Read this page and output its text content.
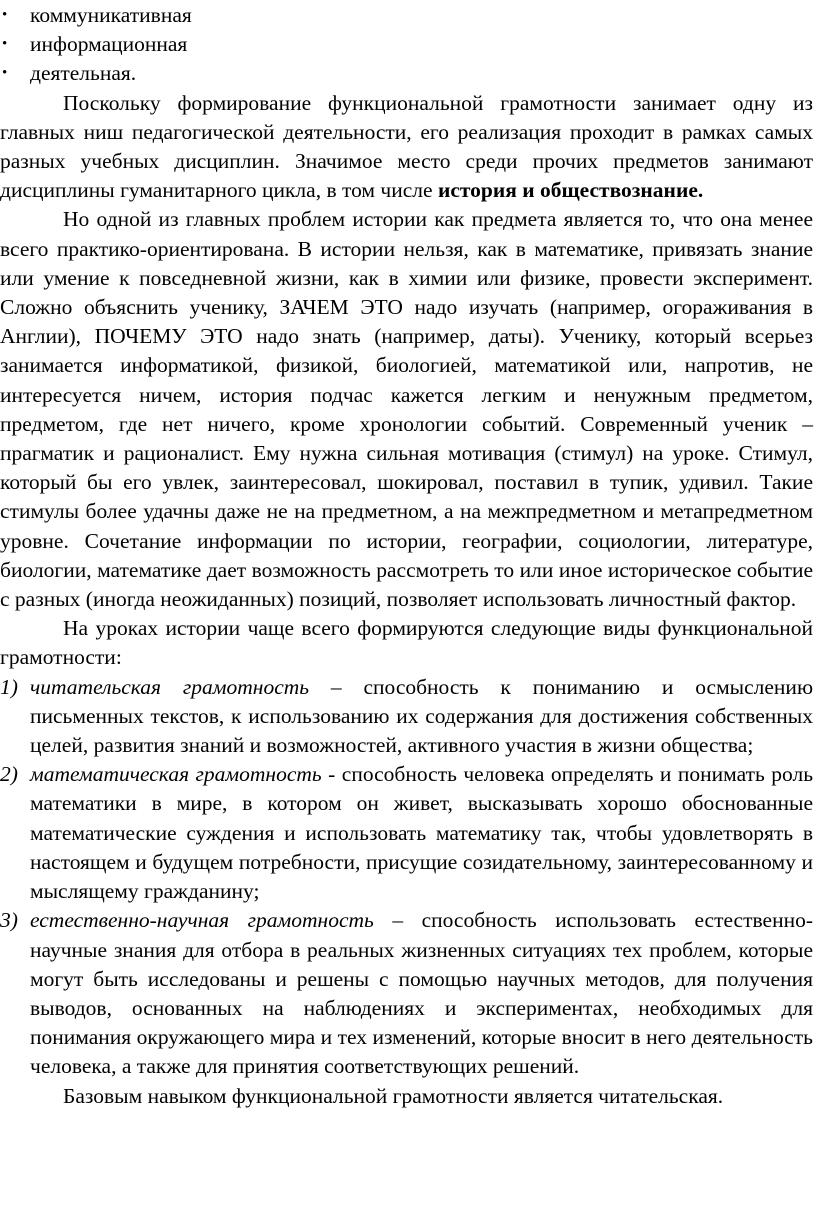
• коммуникативная
• информационная
• деятельная.

Поскольку формирование функциональной грамотности занимает одну из главных ниш педагогической деятельности, его реализация проходит в рамках самых разных учебных дисциплин. Значимое место среди прочих предметов занимают дисциплины гуманитарного цикла, в том числе история и обществознание.

Но одной из главных проблем истории как предмета является то, что она менее всего практико-ориентирована. В истории нельзя, как в математике, привязать знание или умение к повседневной жизни, как в химии или физике, провести эксперимент. Сложно объяснить ученику, ЗАЧЕМ ЭТО надо изучать (например, огораживания в Англии), ПОЧЕМУ ЭТО надо знать (например, даты). Ученику, который всерьез занимается информатикой, физикой, биологией, математикой или, напротив, не интересуется ничем, история подчас кажется легким и ненужным предметом, предметом, где нет ничего, кроме хронологии событий. Современный ученик – прагматик и рационалист. Ему нужна сильная мотивация (стимул) на уроке. Стимул, который бы его увлек, заинтересовал, шокировал, поставил в тупик, удивил. Такие стимулы более удачны даже не на предметном, а на межпредметном и метапредметном уровне. Сочетание информации по истории, географии, социологии, литературе, биологии, математике дает возможность рассмотреть то или иное историческое событие с разных (иногда неожиданных) позиций, позволяет использовать личностный фактор.

На уроках истории чаще всего формируются следующие виды функциональной грамотности:

1) читательская грамотность – способность к пониманию и осмыслению письменных текстов, к использованию их содержания для достижения собственных целей, развития знаний и возможностей, активного участия в жизни общества;
2) математическая грамотность - способность человека определять и понимать роль математики в мире, в котором он живет, высказывать хорошо обоснованные математические суждения и использовать математику так, чтобы удовлетворять в настоящем и будущем потребности, присущие созидательному, заинтересованному и мыслящему гражданину;
3) естественно-научная грамотность – способность использовать естественно-научные знания для отбора в реальных жизненных ситуациях тех проблем, которые могут быть исследованы и решены с помощью научных методов, для получения выводов, основанных на наблюдениях и экспериментах, необходимых для понимания окружающего мира и тех изменений, которые вносит в него деятельность человека, а также для принятия соответствующих решений.

Базовым навыком функциональной грамотности является читательская.
